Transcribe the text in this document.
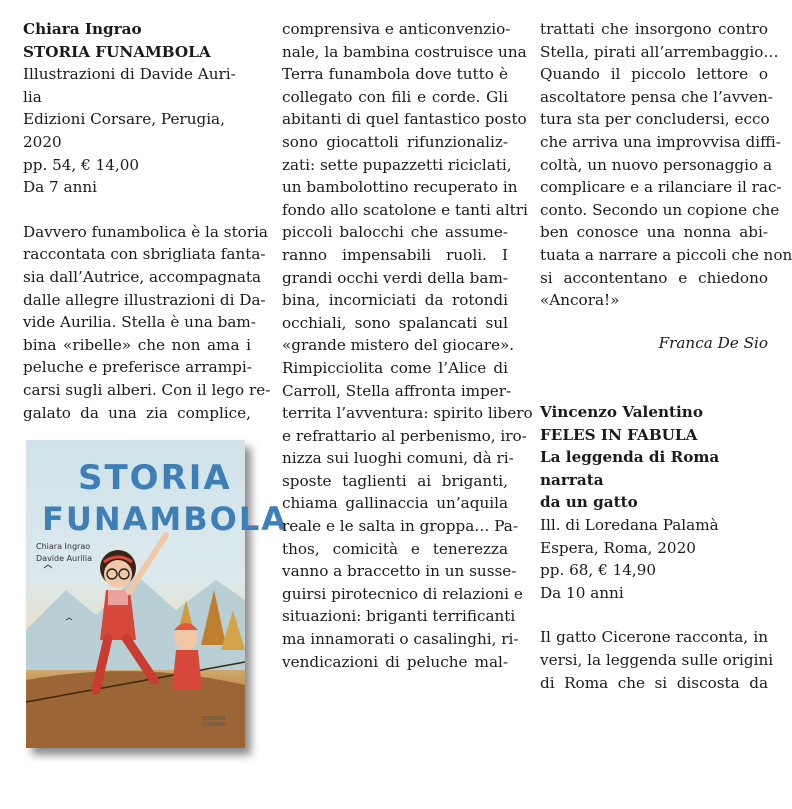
Chiara Ingrao
STORIA FUNAMBOLA
Illustrazioni di Davide Auri-
lia
Edizioni Corsare, Perugia,
2020
pp. 54, € 14,00
Da 7 anni
Davvero funambolica è la storia
raccontata con sbrigliata fanta-
sia dall’Autrice, accompagnata
dalle allegre illustrazioni di Da-
vide Aurilia. Stella è una bam-
bina «ribelle» che non ama i
peluche e preferisce arrampi-
carsi sugli alberi. Con il lego re-
galato da una zia complice,
STORIA
FUNAMBOLA
Chiara Ingrao
Davide Aurilia
EDIZIONI CORSARE
comprensiva e anticonvenzio-
nale, la bambina costruisce una
Terra funambola dove tutto è
collegato con fili e corde. Gli
abitanti di quel fantastico posto
sono giocattoli rifunzionaliz-
zati: sette pupazzetti riciclati,
un bambolottino recuperato in
fondo allo scatolone e tanti altri
piccoli balocchi che assume-
ranno impensabili ruoli. I
grandi occhi verdi della bam-
bina, incorniciati da rotondi
occhiali, sono spalancati sul
«grande mistero del giocare».
Rimpicciolita come l’Alice di
Carroll, Stella affronta imper-
territa l’avventura: spirito libero
e refrattario al perbenismo, iro-
nizza sui luoghi comuni, dà ri-
sposte taglienti ai briganti,
chiama gallinaccia un’aquila
reale e le salta in groppa… Pa-
thos, comicità e tenerezza
vanno a braccetto in un susse-
guirsi pirotecnico di relazioni e
situazioni: briganti terrificanti
ma innamorati o casalinghi, ri-
vendicazioni di peluche mal-
trattati che insorgono contro
Stella, pirati all’arrembaggio…
Quando il piccolo lettore o
ascoltatore pensa che l’avven-
tura sta per concludersi, ecco
che arriva una improvvisa diffi-
coltà, un nuovo personaggio a
complicare e a rilanciare il rac-
conto. Secondo un copione che
ben conosce una nonna abi-
tuata a narrare a piccoli che non
si accontentano e chiedono
«Ancora!»
Franca De Sio
Vincenzo Valentino
FELES IN FABULA
La leggenda di Roma narrata
da un gatto
Ill. di Loredana Palamà
Espera, Roma, 2020
pp. 68, € 14,90
Da 10 anni
Il gatto Cicerone racconta, in
versi, la leggenda sulle origini
di Roma che si discosta da
